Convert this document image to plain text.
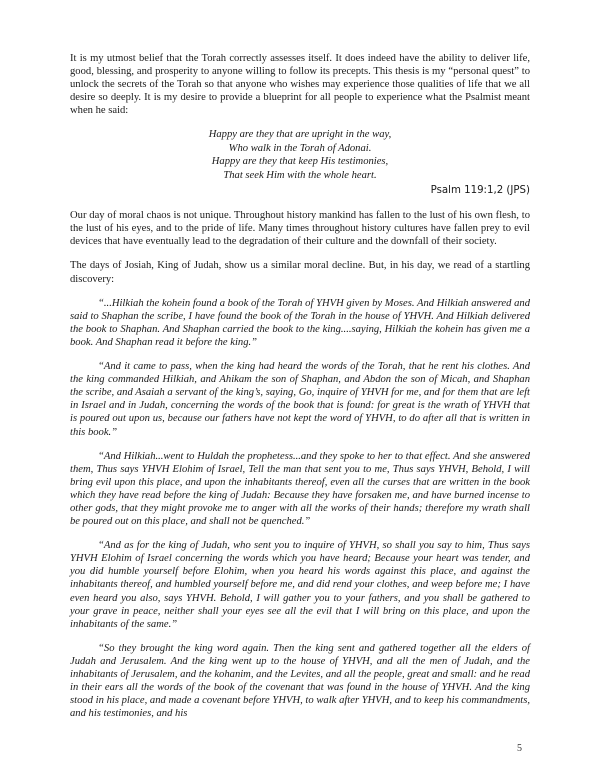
It is my utmost belief that the Torah correctly assesses itself. It does indeed have the ability to deliver life, good, blessing, and prosperity to anyone willing to follow its precepts. This thesis is my “personal quest” to unlock the secrets of the Torah so that anyone who wishes may experience those qualities of life that we all desire so deeply. It is my desire to provide a blueprint for all people to experience what the Psalmist meant when he said:

Happy are they that are upright in the way,
Who walk in the Torah of Adonai.
Happy are they that keep His testimonies,
That seek Him with the whole heart.
Psalm 119:1,2 (JPS)

Our day of moral chaos is not unique. Throughout history mankind has fallen to the lust of his own flesh, to the lust of his eyes, and to the pride of life. Many times throughout history cultures have fallen prey to evil devices that have eventually lead to the degradation of their culture and the downfall of their society.

The days of Josiah, King of Judah, show us a similar moral decline. But, in his day, we read of a startling discovery:

“...Hilkiah the kohein found a book of the Torah of YHVH given by Moses. And Hilkiah answered and said to Shaphan the scribe, I have found the book of the Torah in the house of YHVH. And Hilkiah delivered the book to Shaphan. And Shaphan carried the book to the king....saying, Hilkiah the kohein has given me a book. And Shaphan read it before the king.”

“And it came to pass, when the king had heard the words of the Torah, that he rent his clothes. And the king commanded Hilkiah, and Ahikam the son of Shaphan, and Abdon the son of Micah, and Shaphan the scribe, and Asaiah a servant of the king’s, saying, Go, inquire of YHVH for me, and for them that are left in Israel and in Judah, concerning the words of the book that is found: for great is the wrath of YHVH that is poured out upon us, because our fathers have not kept the word of YHVH, to do after all that is written in this book.”

“And Hilkiah...went to Huldah the prophetess...and they spoke to her to that effect. And she answered them, Thus says YHVH Elohim of Israel, Tell the man that sent you to me, Thus says YHVH, Behold, I will bring evil upon this place, and upon the inhabitants thereof, even all the curses that are written in the book which they have read before the king of Judah: Because they have forsaken me, and have burned incense to other gods, that they might provoke me to anger with all the works of their hands; therefore my wrath shall be poured out on this place, and shall not be quenched.”

“And as for the king of Judah, who sent you to inquire of YHVH, so shall you say to him, Thus says YHVH Elohim of Israel concerning the words which you have heard; Because your heart was tender, and you did humble yourself before Elohim, when you heard his words against this place, and against the inhabitants thereof, and humbled yourself before me, and did rend your clothes, and weep before me; I have even heard you also, says YHVH. Behold, I will gather you to your fathers, and you shall be gathered to your grave in peace, neither shall your eyes see all the evil that I will bring on this place, and upon the inhabitants of the same.”

“So they brought the king word again. Then the king sent and gathered together all the elders of Judah and Jerusalem. And the king went up to the house of YHVH, and all the men of Judah, and the inhabitants of Jerusalem, and the kohanim, and the Levites, and all the people, great and small: and he read in their ears all the words of the book of the covenant that was found in the house of YHVH. And the king stood in his place, and made a covenant before YHVH, to walk after YHVH, and to keep his commandments, and his testimonies, and his

5
